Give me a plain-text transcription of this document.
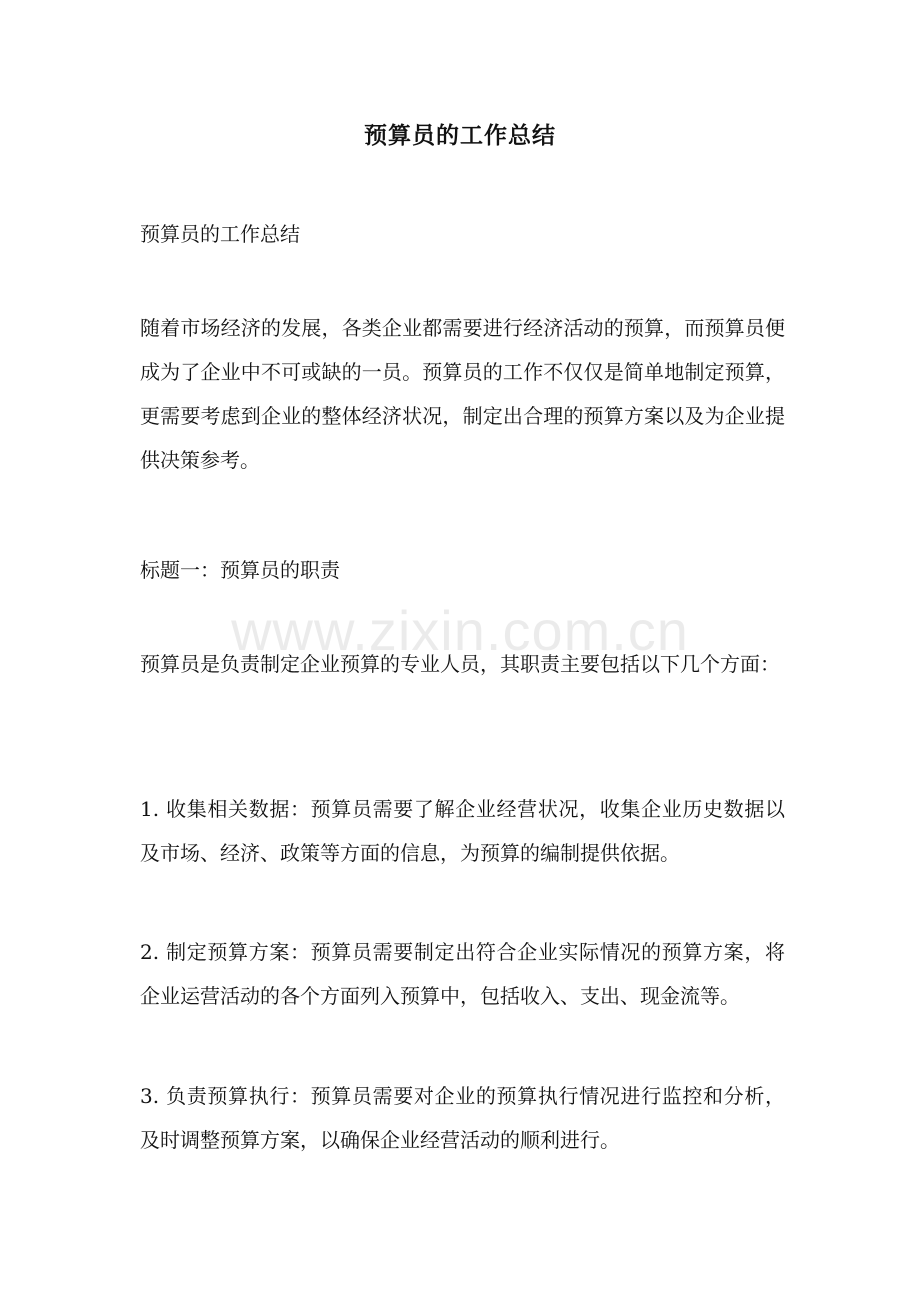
预算员的工作总结

预算员的工作总结

随着市场经济的发展，各类企业都需要进行经济活动的预算，而预算员便成为了企业中不可或缺的一员。预算员的工作不仅仅是简单地制定预算，更需要考虑到企业的整体经济状况，制定出合理的预算方案以及为企业提供决策参考。

标题一：预算员的职责

www.zixin.com.cn

预算员是负责制定企业预算的专业人员，其职责主要包括以下几个方面：

1. 收集相关数据：预算员需要了解企业经营状况，收集企业历史数据以及市场、经济、政策等方面的信息，为预算的编制提供依据。

2. 制定预算方案：预算员需要制定出符合企业实际情况的预算方案，将企业运营活动的各个方面列入预算中，包括收入、支出、现金流等。

3. 负责预算执行：预算员需要对企业的预算执行情况进行监控和分析，及时调整预算方案，以确保企业经营活动的顺利进行。
